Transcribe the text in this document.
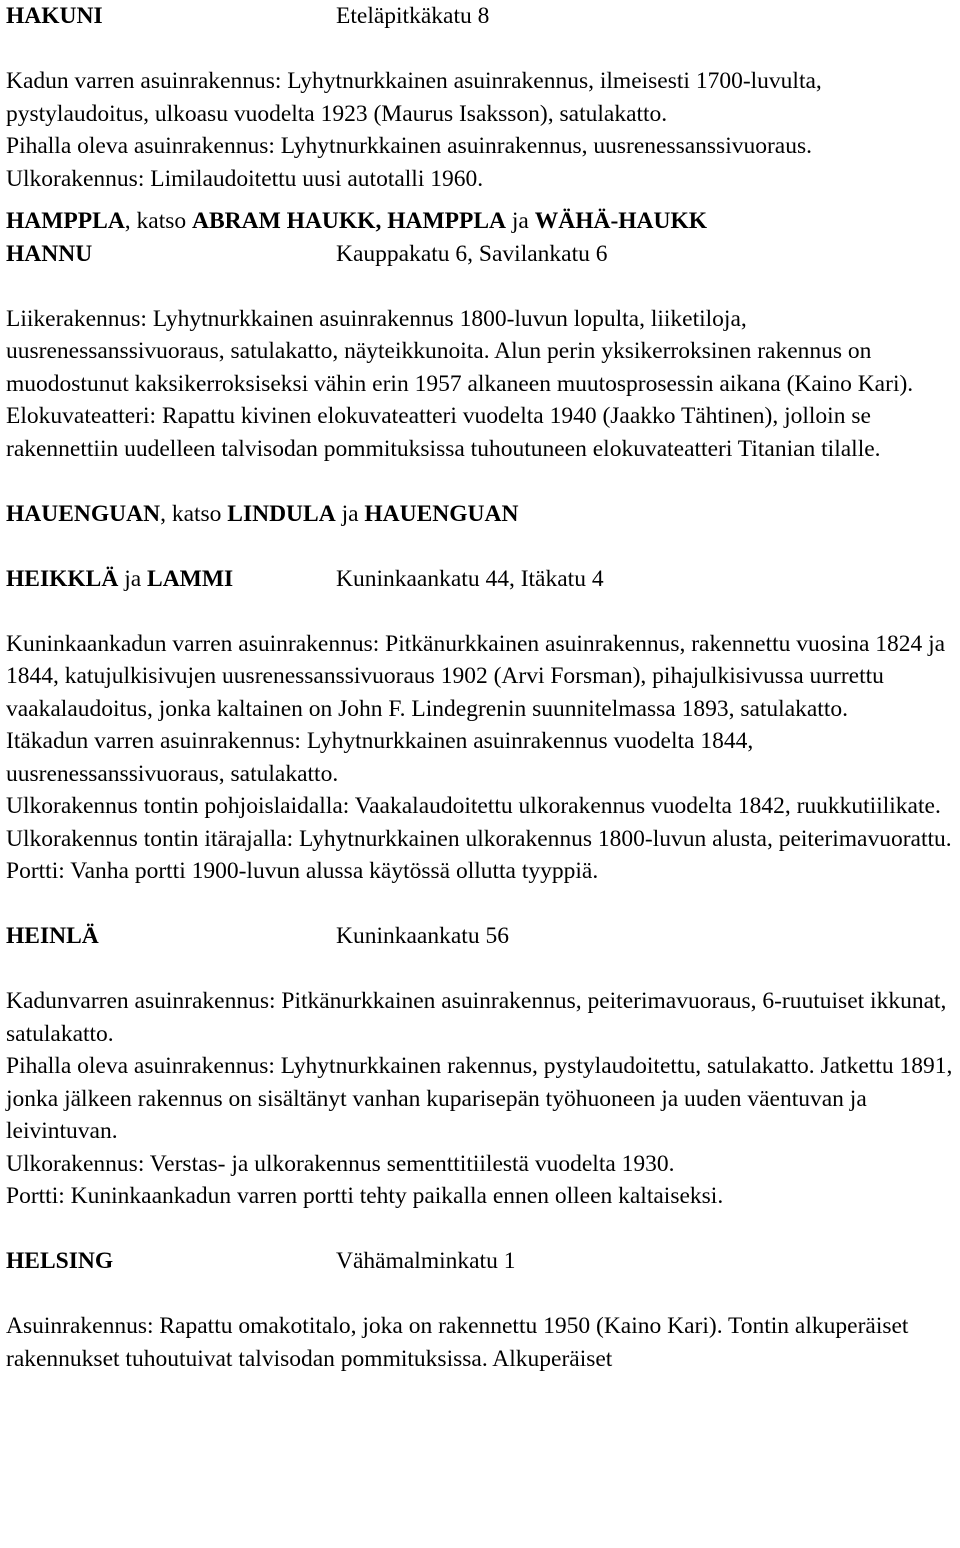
HAKUNI	Eteläpitkäkatu 8

Kadun varren asuinrakennus: Lyhytnurkkainen asuinrakennus, ilmeisesti 1700-luvulta, pystylaudoitus, ulkoasu vuodelta 1923 (Maurus Isaksson), satulakatto.

Pihalla oleva asuinrakennus: Lyhytnurkkainen asuinrakennus, uusrenessanssivuoraus.

Ulkorakennus: Limilaudoitettu uusi autotalli 1960.

HAMPPLA, katso ABRAM HAUKK, HAMPPLA ja WÄHÄ-HAUKK
HANNU	Kauppakatu 6, Savilankatu 6

Liikerakennus: Lyhytnurkkainen asuinrakennus 1800-luvun lopulta, liiketiloja, uusrenessanssivuoraus, satulakatto, näyteikkunoita. Alun perin yksikerroksinen rakennus on muodostunut kaksikerroksiseksi vähin erin 1957 alkaneen muutosprosessin aikana (Kaino Kari).

Elokuvateatteri: Rapattu kivinen elokuvateatteri vuodelta 1940 (Jaakko Tähtinen), jolloin se rakennettiin uudelleen talvisodan pommituksissa tuhoutuneen elokuvateatteri Titanian tilalle.

HAUENGUAN, katso LINDULA ja HAUENGUAN
HEIKKLÄ ja LAMMI	Kuninkaankatu 44, Itäkatu 4

Kuninkaankadun varren asuinrakennus: Pitkänurkkainen asuinrakennus, rakennettu vuosina 1824 ja 1844, katujulkisivujen uusrenessanssivuoraus 1902 (Arvi Forsman), pihajulkisivussa uurrettu vaakalaudoitus, jonka kaltainen on John F. Lindegrenin suunnitelmassa 1893, satulakatto.

Itäkadun varren asuinrakennus: Lyhytnurkkainen asuinrakennus vuodelta 1844, uusrenessanssivuoraus, satulakatto.

Ulkorakennus tontin pohjoislaidalla: Vaakalaudoitettu ulkorakennus vuodelta 1842, ruukkutiilikate.

Ulkorakennus tontin itärajalla: Lyhytnurkkainen ulkorakennus 1800-luvun alusta, peiterimavuorattu.

Portti: Vanha portti 1900-luvun alussa käytössä ollutta tyyppiä.

HEINLÄ	Kuninkaankatu 56

Kadunvarren asuinrakennus: Pitkänurkkainen asuinrakennus, peiterimavuoraus, 6-ruutuiset ikkunat, satulakatto.

Pihalla oleva asuinrakennus: Lyhytnurkkainen rakennus, pystylaudoitettu, satulakatto. Jatkettu 1891, jonka jälkeen rakennus on sisältänyt vanhan kuparisepän työhuoneen ja uuden väentuvan ja leivintuvan.

Ulkorakennus: Verstas- ja ulkorakennus sementtitiilestä vuodelta 1930.

Portti: Kuninkaankadun varren portti tehty paikalla ennen olleen kaltaiseksi.

HELSING	Vähämalminkatu 1

Asuinrakennus: Rapattu omakotitalo, joka on rakennettu 1950 (Kaino Kari). Tontin alkuperäiset rakennukset tuhoutuivat talvisodan pommituksissa. Alkuperäiset
